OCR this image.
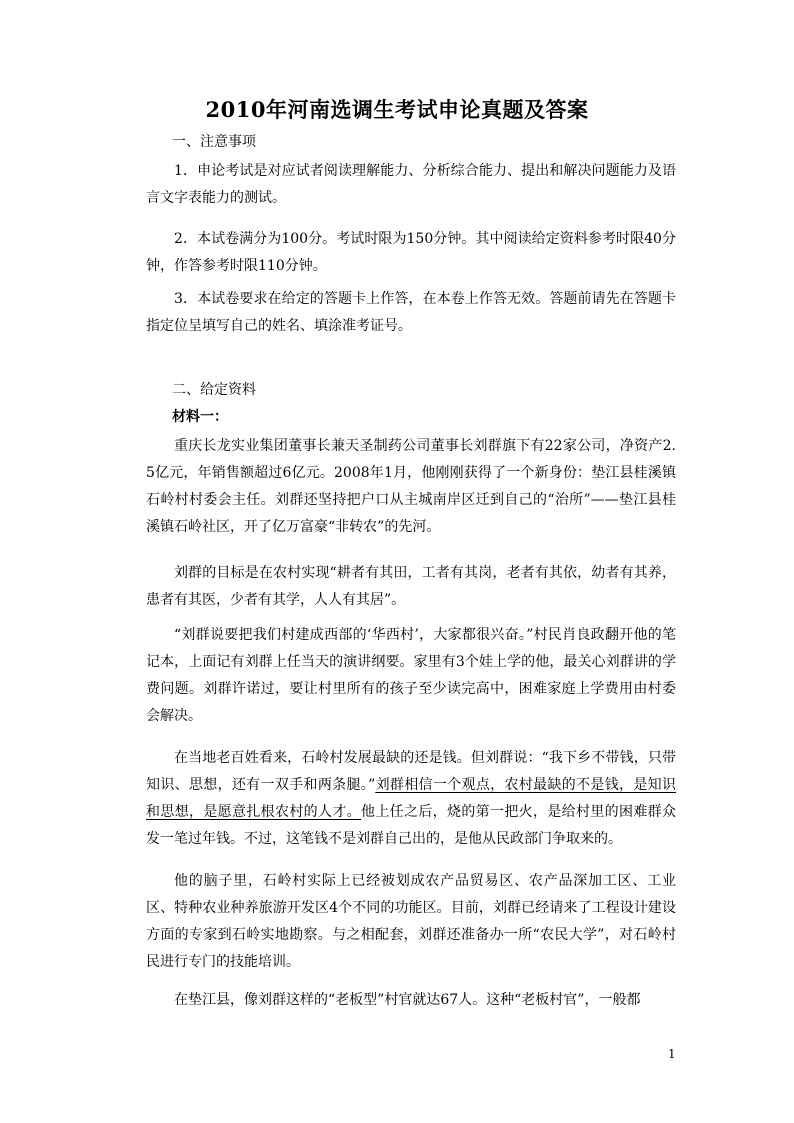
2010年河南选调生考试申论真题及答案
一、注意事项
1．申论考试是对应试者阅读理解能力、分析综合能力、提出和解决问题能力及语言文字表能力的测试。
2．本试卷满分为100分。考试时限为150分钟。其中阅读给定资料参考时限40分钟，作答参考时限110分钟。
3．本试卷要求在给定的答题卡上作答，在本卷上作答无效。答题前请先在答题卡指定位呈填写自己的姓名、填涂准考证号。
二、给定资料
材料一：
重庆长龙实业集团董事长兼天圣制药公司董事长刘群旗下有22家公司，净资产2.5亿元，年销售额超过6亿元。2008年1月，他刚刚获得了一个新身份：垫江县桂溪镇石岭村村委会主任。刘群还坚持把户口从主城南岸区迁到自己的“治所”——垫江县桂溪镇石岭社区，开了亿万富豪“非转农”的先河。
刘群的目标是在农村实现“耕者有其田，工者有其岗，老者有其依，幼者有其养，患者有其医，少者有其学，人人有其居”。
“刘群说要把我们村建成西部的‘华西村’，大家都很兴奋。”村民肖良政翻开他的笔记本，上面记有刘群上任当天的演讲纲要。家里有3个娃上学的他，最关心刘群讲的学费问题。刘群许诺过，要让村里所有的孩子至少读完高中，困难家庭上学费用由村委会解决。
在当地老百姓看来，石岭村发展最缺的还是钱。但刘群说：“我下乡不带钱，只带知识、思想，还有一双手和两条腿。”刘群相信一个观点，农村最缺的不是钱，是知识和思想，是愿意扎根农村的人才。他上任之后，烧的第一把火，是给村里的困难群众发一笔过年钱。不过，这笔钱不是刘群自己出的，是他从民政部门争取来的。
他的脑子里，石岭村实际上已经被划成农产品贸易区、农产品深加工区、工业区、特种农业种养旅游开发区4个不同的功能区。目前，刘群已经请来了工程设计建设方面的专家到石岭实地勘察。与之相配套，刘群还准备办一所“农民大学”，对石岭村民进行专门的技能培训。
在垫江县，像刘群这样的“老板型”村官就达67人。这种“老板村官”，一般都
1
